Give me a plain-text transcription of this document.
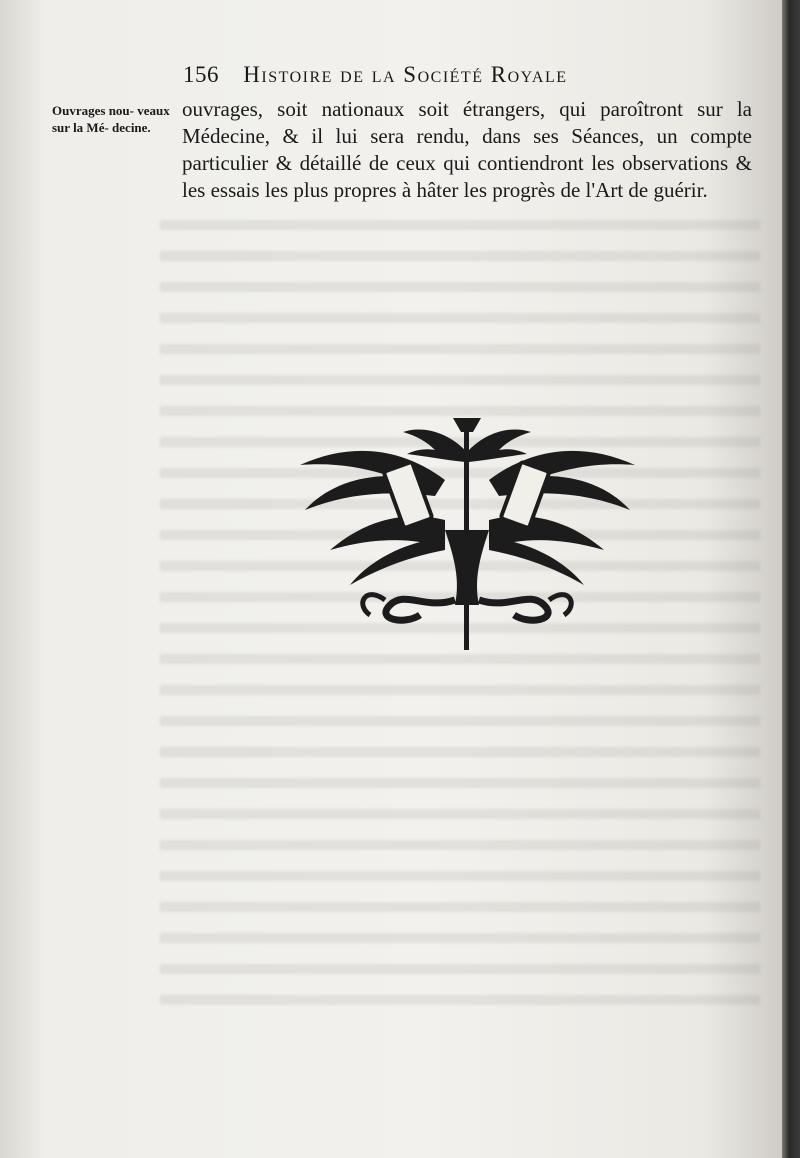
156 Histoire de la Société Royale
Ouvrages nou- veaux sur la Mé- decine.
ouvrages, soit nationaux soit étrangers, qui paroîtront sur la Médecine, & il lui sera rendu, dans ses Séances, un compte particulier & détaillé de ceux qui contiendront les observations & les essais les plus propres à hâter les progrès de l'Art de guérir.
